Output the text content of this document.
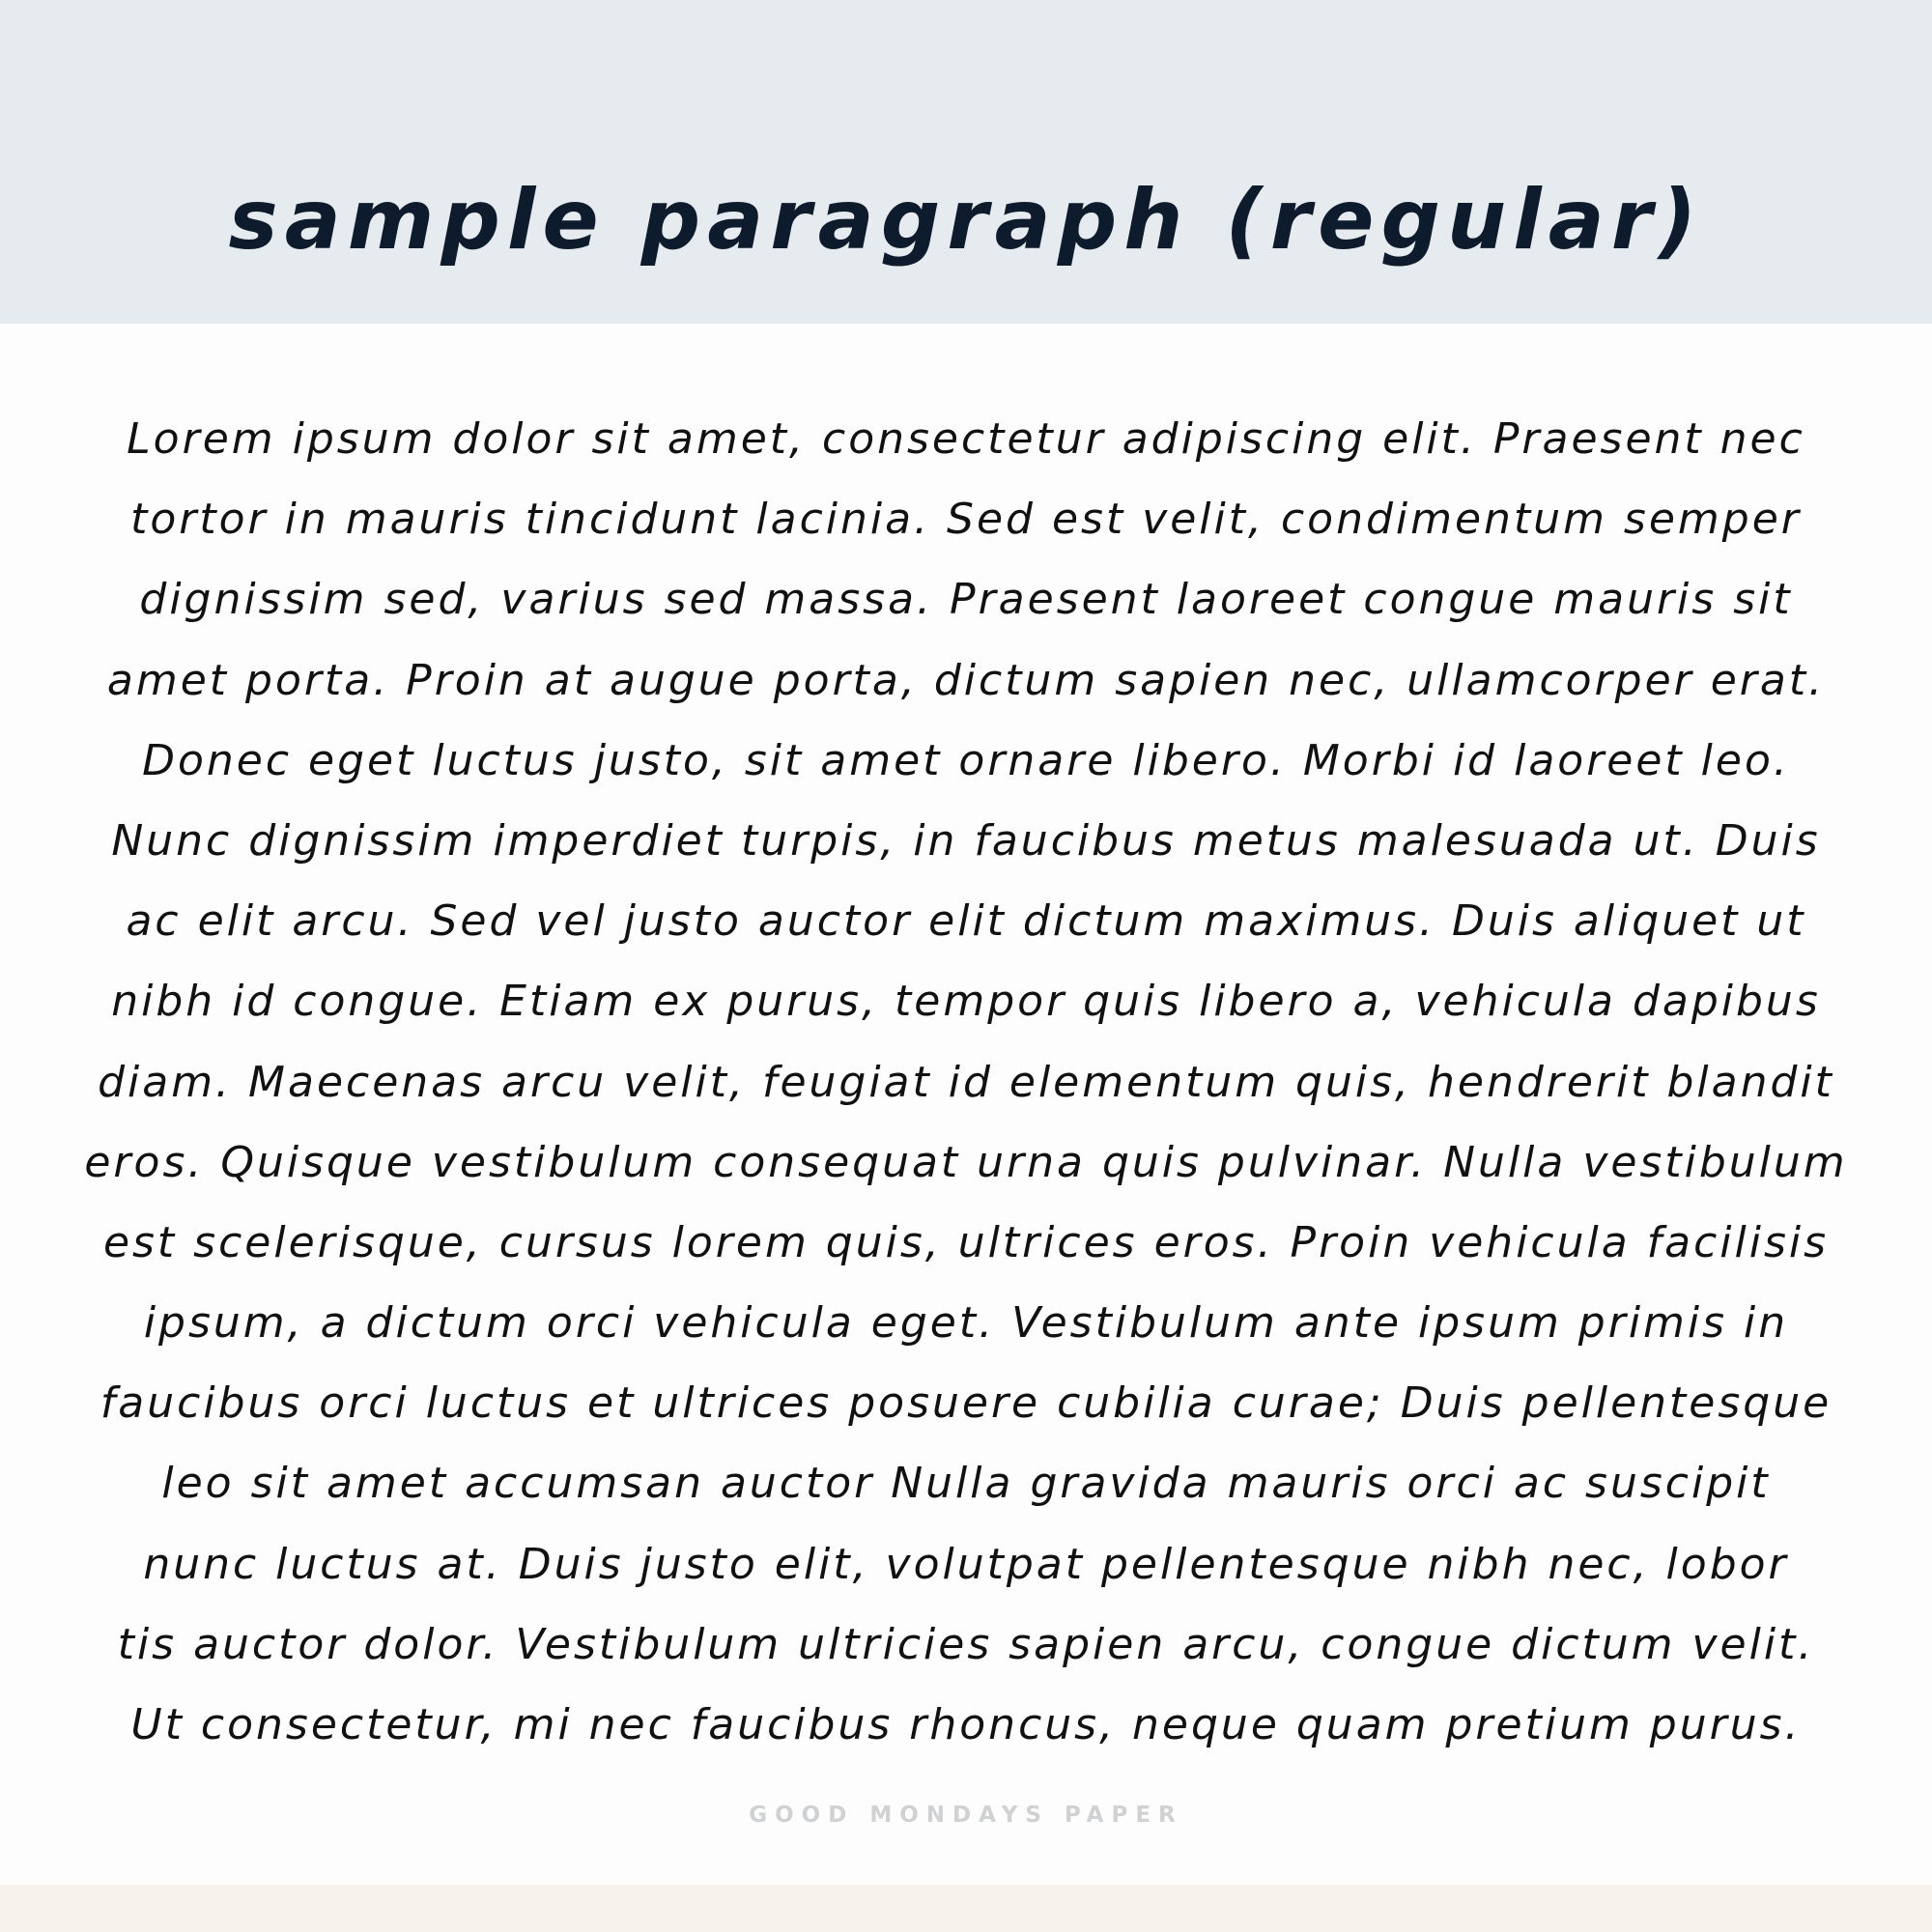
sample paragraph (regular)
Lorem ipsum dolor sit amet, consectetur adipiscing elit. Praesent nec
tortor in mauris tincidunt lacinia. Sed est velit, condimentum semper
dignissim sed, varius sed massa. Praesent laoreet congue mauris sit
amet porta. Proin at augue porta, dictum sapien nec, ullamcorper erat.
Donec eget luctus justo, sit amet ornare libero. Morbi id laoreet leo.
Nunc dignissim imperdiet turpis, in faucibus metus malesuada ut. Duis
ac elit arcu. Sed vel justo auctor elit dictum maximus. Duis aliquet ut
nibh id congue. Etiam ex purus, tempor quis libero a, vehicula dapibus
diam. Maecenas arcu velit, feugiat id elementum quis, hendrerit blandit
eros. Quisque vestibulum consequat urna quis pulvinar. Nulla vestibulum
est scelerisque, cursus lorem quis, ultrices eros. Proin vehicula facilisis
ipsum, a dictum orci vehicula eget. Vestibulum ante ipsum primis in
faucibus orci luctus et ultrices posuere cubilia curae; Duis pellentesque
leo sit amet accumsan auctor Nulla gravida mauris orci ac suscipit
nunc luctus at. Duis justo elit, volutpat pellentesque nibh nec, lobor
tis auctor dolor. Vestibulum ultricies sapien arcu, congue dictum velit.
Ut consectetur, mi nec faucibus rhoncus, neque quam pretium purus.
GOOD MONDAYS PAPER
